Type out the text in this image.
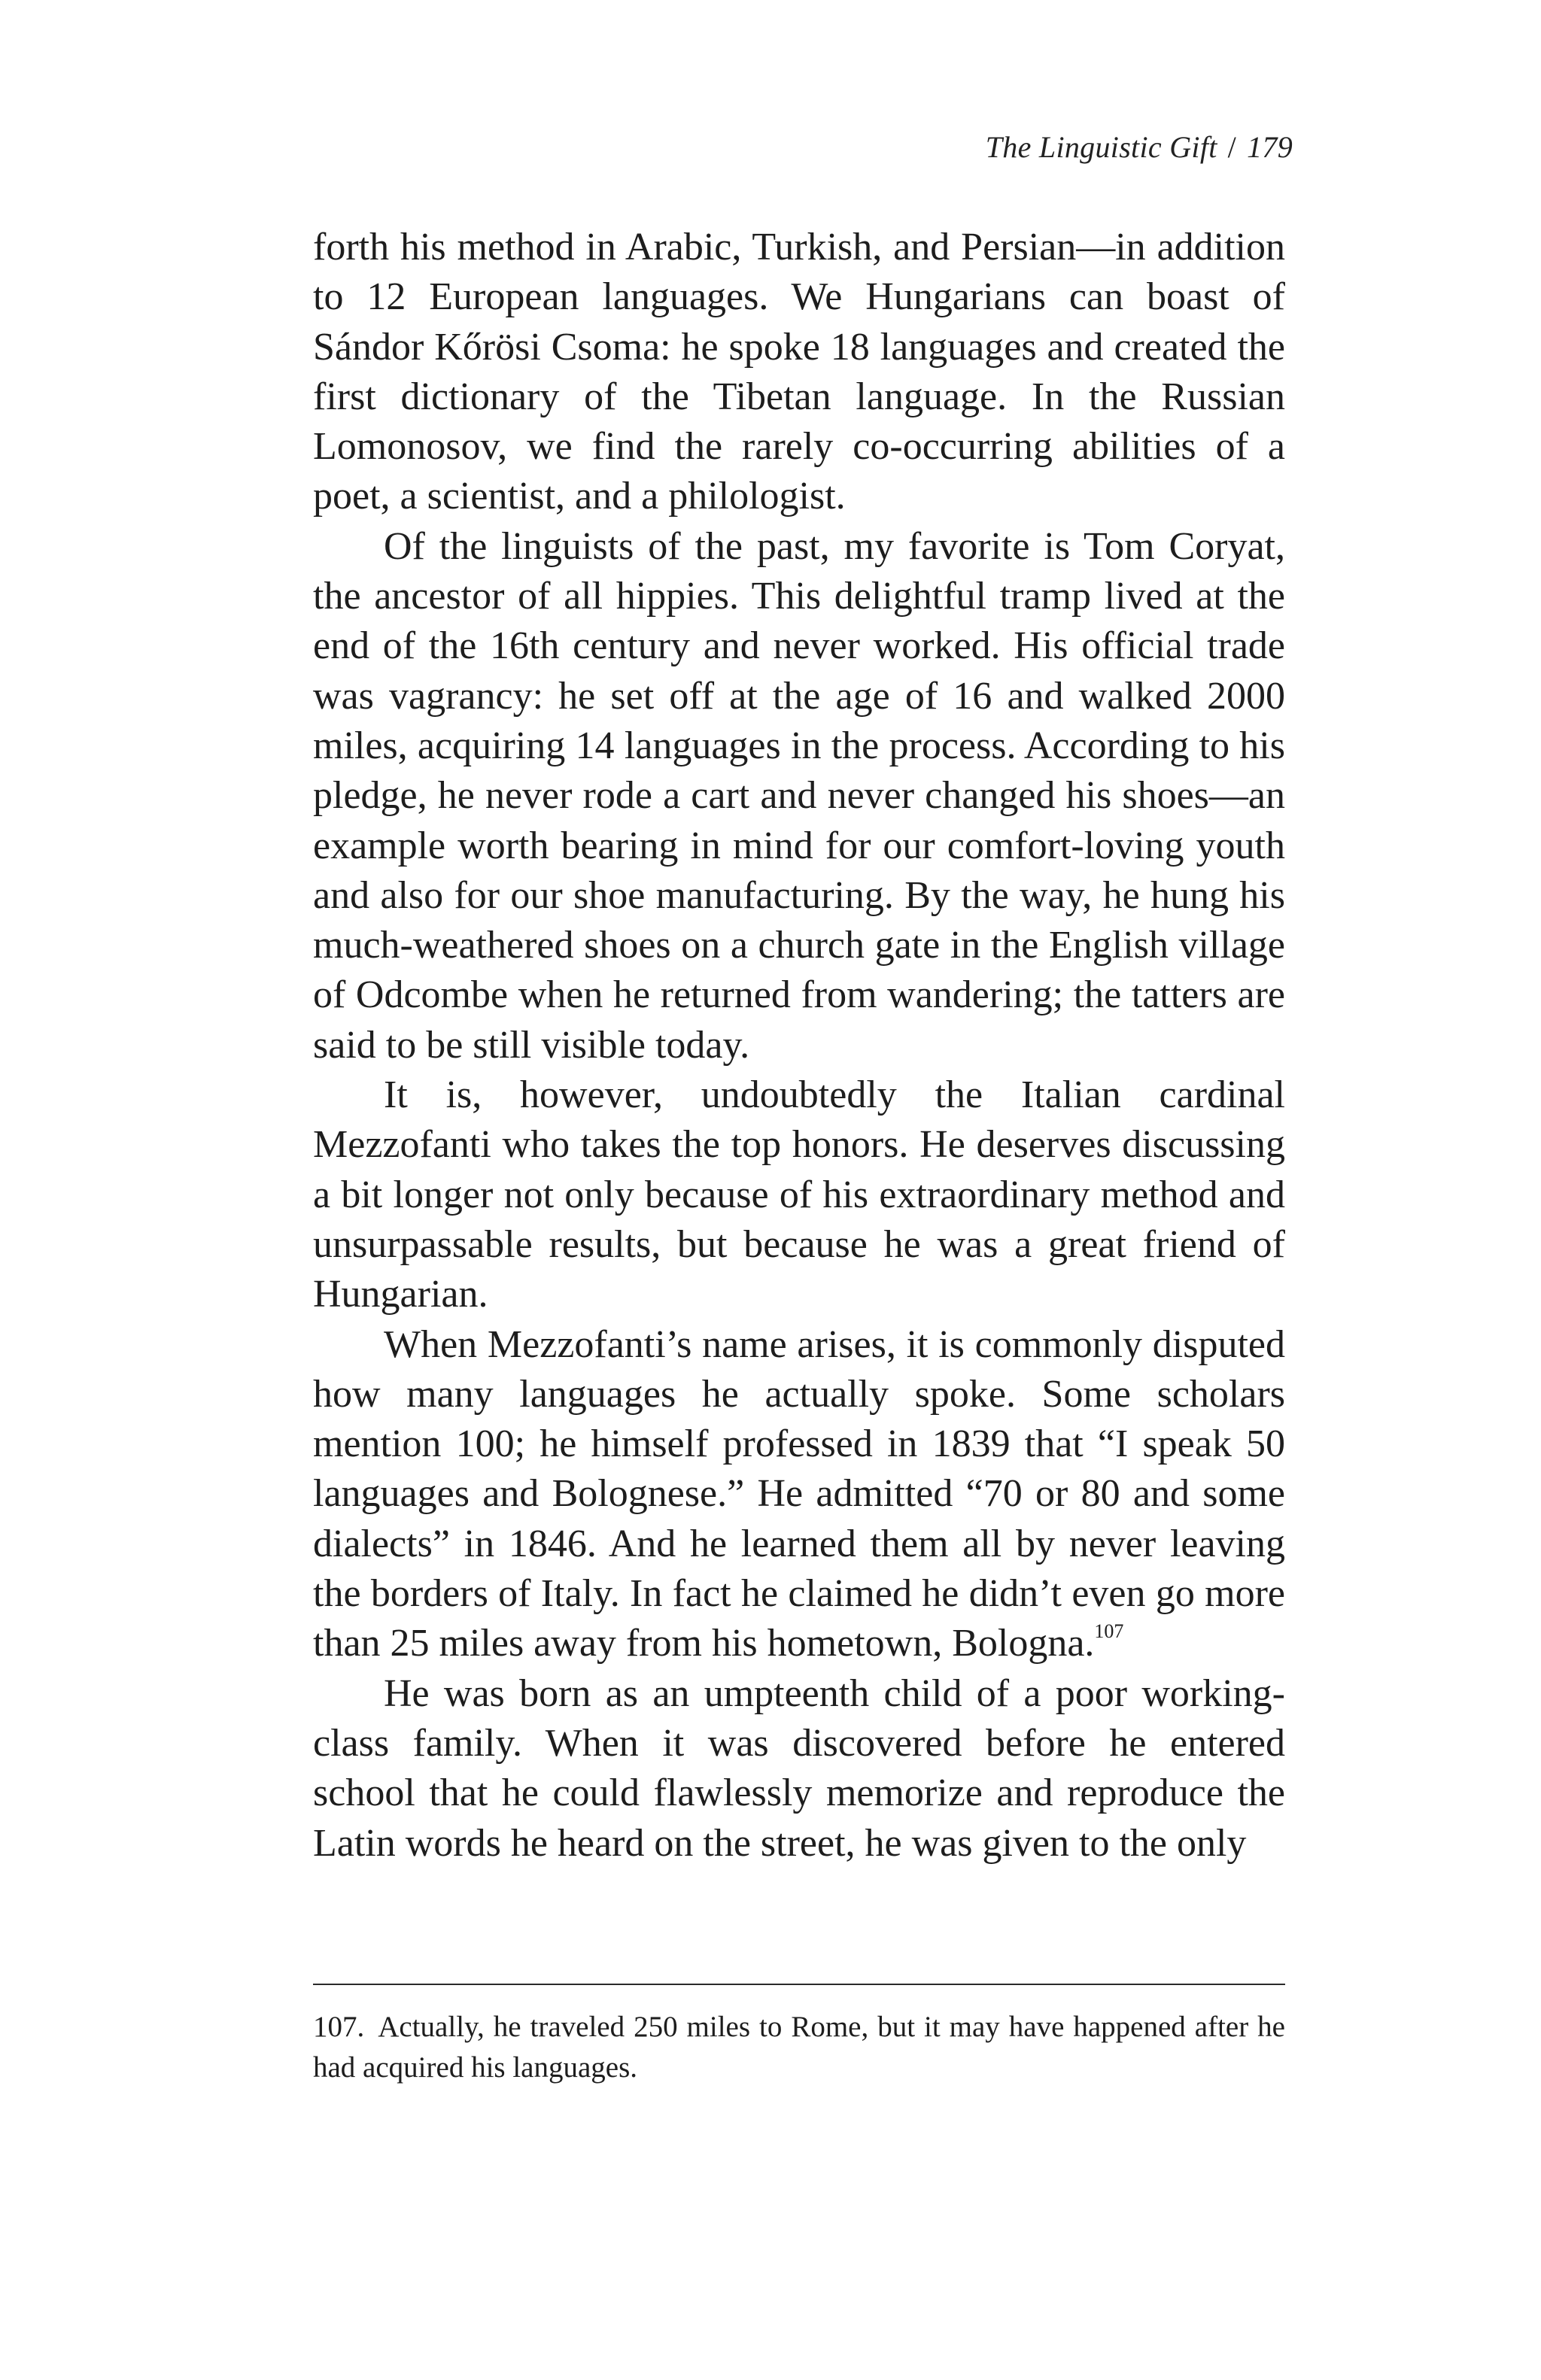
The Linguistic Gift / 179

forth his method in Arabic, Turkish, and Persian—in addition to 12 European languages. We Hungarians can boast of Sándor Kőrösi Csoma: he spoke 18 languages and created the first dictionary of the Tibetan language. In the Russian Lomonosov, we find the rarely co-occurring abilities of a poet, a scientist, and a philologist.

Of the linguists of the past, my favorite is Tom Coryat, the ancestor of all hippies. This delightful tramp lived at the end of the 16th century and never worked. His official trade was vagrancy: he set off at the age of 16 and walked 2000 miles, acquiring 14 languages in the process. According to his pledge, he never rode a cart and never changed his shoes—an example worth bearing in mind for our comfort-loving youth and also for our shoe manufacturing. By the way, he hung his much-weathered shoes on a church gate in the English village of Odcombe when he returned from wandering; the tatters are said to be still visible today.

It is, however, undoubtedly the Italian cardinal Mezzofanti who takes the top honors. He deserves discussing a bit longer not only because of his extraordinary method and unsurpassable results, but because he was a great friend of Hungarian.

When Mezzofanti’s name arises, it is commonly disputed how many languages he actually spoke. Some scholars mention 100; he himself professed in 1839 that “I speak 50 languages and Bolognese.” He admitted “70 or 80 and some dialects” in 1846. And he learned them all by never leaving the borders of Italy. In fact he claimed he didn’t even go more than 25 miles away from his hometown, Bologna.$^{107}$

He was born as an umpteenth child of a poor working-class family. When it was discovered before he entered school that he could flawlessly memorize and reproduce the Latin words he heard on the street, he was given to the only

107. Actually, he traveled 250 miles to Rome, but it may have happened after he had acquired his languages.
